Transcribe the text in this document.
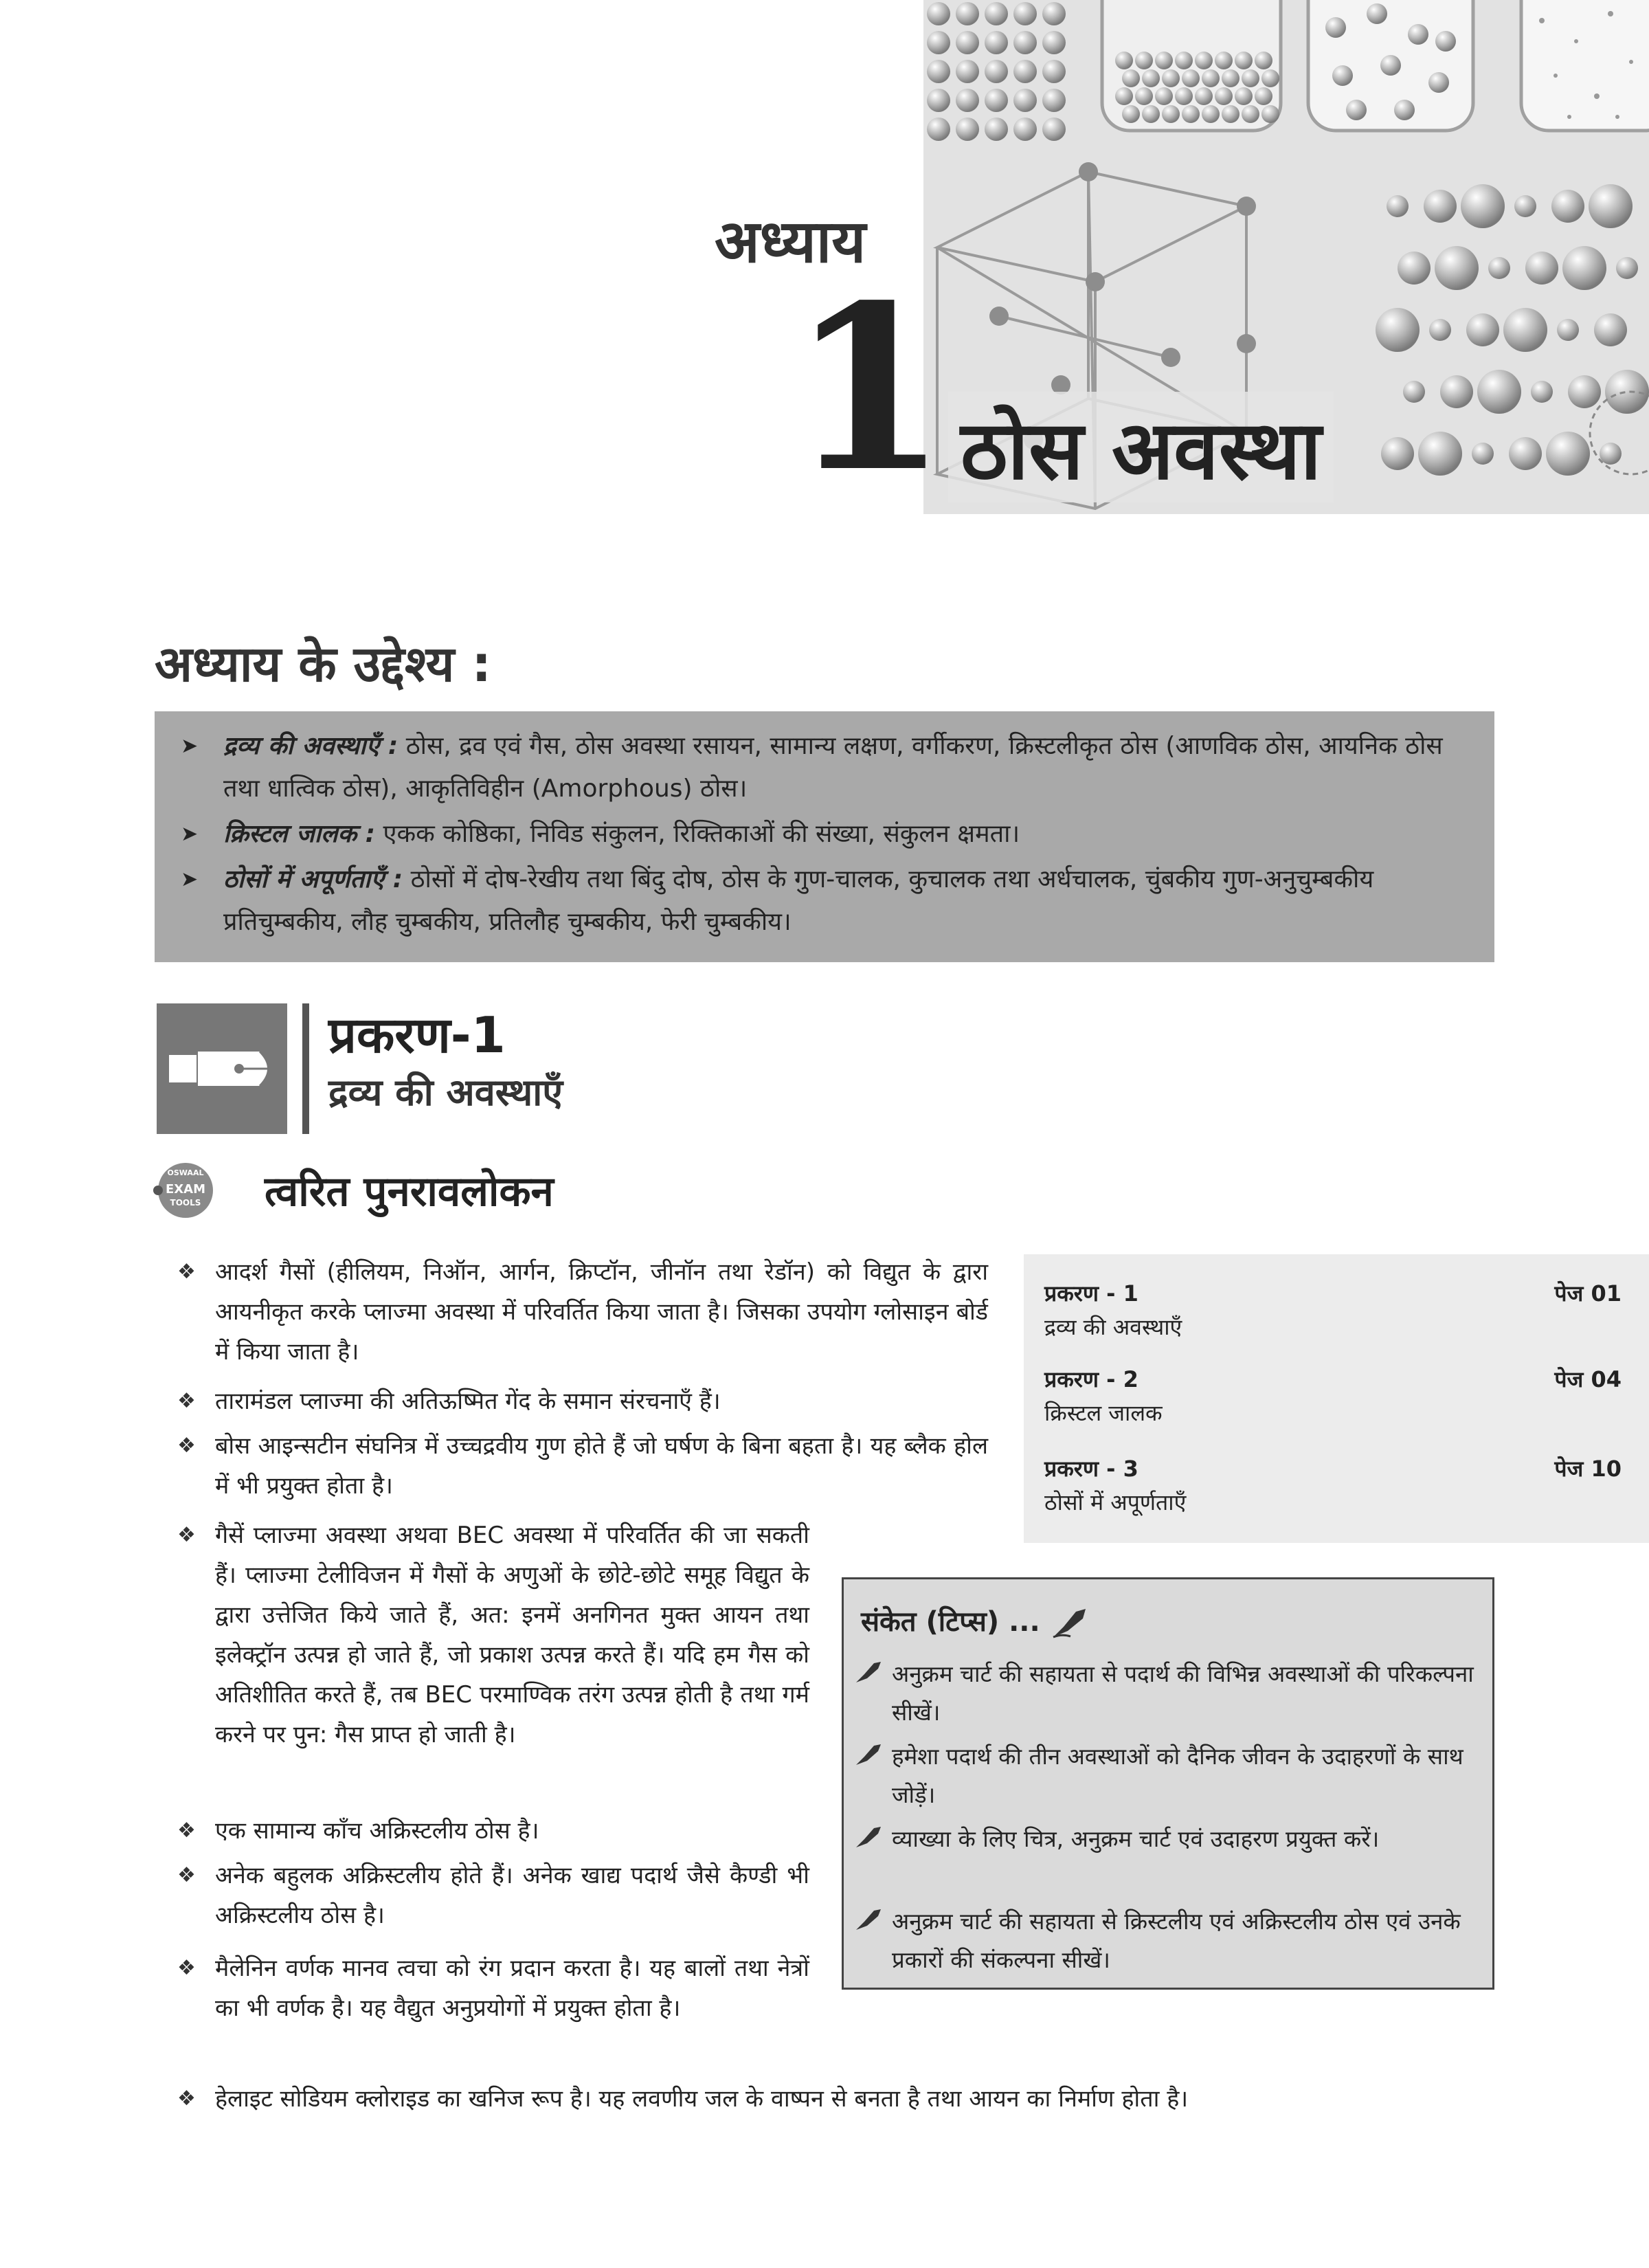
अध्याय
1 ठोस अवस्था
अध्याय के उद्देश्य :
➤ द्रव्य की अवस्थाएँ : ठोस, द्रव एवं गैस, ठोस अवस्था रसायन, सामान्य लक्षण, वर्गीकरण, क्रिस्टलीकृत ठोस (आणविक ठोस, आयनिक ठोस तथा धात्विक ठोस), आकृतिविहीन (Amorphous) ठोस।
➤ क्रिस्टल जालक : एकक कोष्ठिका, निविड संकुलन, रिक्तिकाओं की संख्या, संकुलन क्षमता।
➤ ठोसों में अपूर्णताएँ : ठोसों में दोष-रेखीय तथा बिंदु दोष, ठोस के गुण-चालक, कुचालक तथा अर्धचालक, चुंबकीय गुण-अनुचुम्बकीय प्रतिचुम्बकीय, लौह चुम्बकीय, प्रतिलौह चुम्बकीय, फेरी चुम्बकीय।
प्रकरण-1
द्रव्य की अवस्थाएँ
OSWAAL
EXAM
TOOLS त्वरित पुनरावलोकन
❖ आदर्श गैसों (हीलियम, निऑन, आर्गन, क्रिप्टॉन, जीनॉन तथा रेडॉन) को विद्युत के द्वारा आयनीकृत करके प्लाज्मा अवस्था में परिवर्तित किया जाता है। जिसका उपयोग ग्लोसाइन बोर्ड में किया जाता है।
❖ तारामंडल प्लाज्मा की अतिऊष्मित गेंद के समान संरचनाएँ हैं।
❖ बोस आइन्सटीन संघनित्र में उच्चद्रवीय गुण होते हैं जो घर्षण के बिना बहता है। यह ब्लैक होल में भी प्रयुक्त होता है।
❖ गैसें प्लाज्मा अवस्था अथवा BEC अवस्था में परिवर्तित की जा सकती हैं। प्लाज्मा टेलीविजन में गैसों के अणुओं के छोटे-छोटे समूह विद्युत के द्वारा उत्तेजित किये जाते हैं, अत: इनमें अनगिनत मुक्त आयन तथा इलेक्ट्रॉन उत्पन्न हो जाते हैं, जो प्रकाश उत्पन्न करते हैं। यदि हम गैस को अतिशीतित करते हैं, तब BEC परमाण्विक तरंग उत्पन्न होती है तथा गर्म करने पर पुन: गैस प्राप्त हो जाती है।
❖ एक सामान्य काँच अक्रिस्टलीय ठोस है।
❖ अनेक बहुलक अक्रिस्टलीय होते हैं। अनेक खाद्य पदार्थ जैसे कैण्डी भी अक्रिस्टलीय ठोस है।
❖ मैलेनिन वर्णक मानव त्वचा को रंग प्रदान करता है। यह बालों तथा नेत्रों का भी वर्णक है। यह वैद्युत अनुप्रयोगों में प्रयुक्त होता है।
❖ हेलाइट सोडियम क्लोराइड का खनिज रूप है। यह लवणीय जल के वाष्पन से बनता है तथा आयन का निर्माण होता है।
प्रकरण - 1	पेज 01
द्रव्य की अवस्थाएँ
प्रकरण - 2	पेज 04
क्रिस्टल जालक
प्रकरण - 3	पेज 10
ठोसों में अपूर्णताएँ
संकेत (टिप्स) ...
अनुक्रम चार्ट की सहायता से पदार्थ की विभिन्न अवस्थाओं की परिकल्पना सीखें।
हमेशा पदार्थ की तीन अवस्थाओं को दैनिक जीवन के उदाहरणों के साथ जोड़ें।
व्याख्या के लिए चित्र, अनुक्रम चार्ट एवं उदाहरण प्रयुक्त करें।
अनुक्रम चार्ट की सहायता से क्रिस्टलीय एवं अक्रिस्टलीय ठोस एवं उनके प्रकारों की संकल्पना सीखें।
